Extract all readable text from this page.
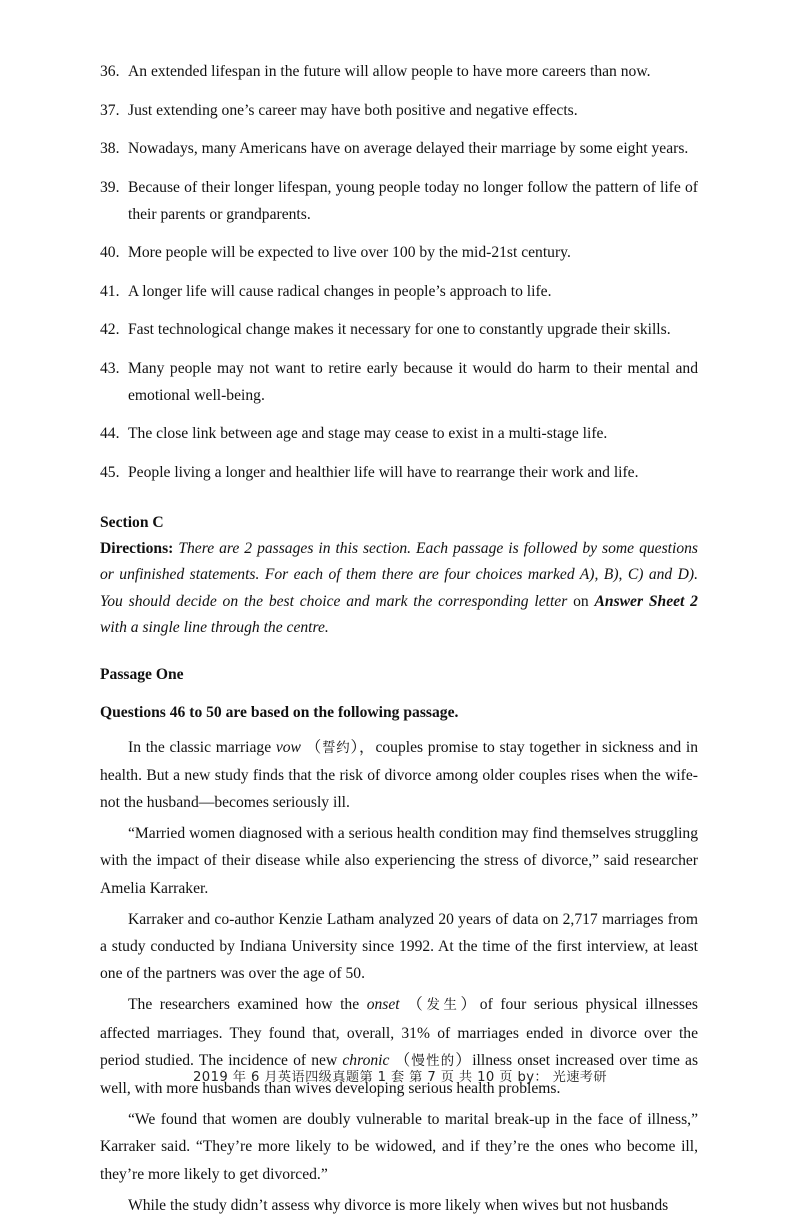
36. An extended lifespan in the future will allow people to have more careers than now.
37. Just extending one’s career may have both positive and negative effects.
38. Nowadays, many Americans have on average delayed their marriage by some eight years.
39. Because of their longer lifespan, young people today no longer follow the pattern of life of their parents or grandparents.
40. More people will be expected to live over 100 by the mid-21st century.
41. A longer life will cause radical changes in people’s approach to life.
42. Fast technological change makes it necessary for one to constantly upgrade their skills.
43. Many people may not want to retire early because it would do harm to their mental and emotional well-being.
44. The close link between age and stage may cease to exist in a multi-stage life.
45. People living a longer and healthier life will have to rearrange their work and life.
Section C
Directions: There are 2 passages in this section. Each passage is followed by some questions or unfinished statements. For each of them there are four choices marked A), B), C) and D). You should decide on the best choice and mark the corresponding letter on Answer Sheet 2 with a single line through the centre.
Passage One
Questions 46 to 50 are based on the following passage.

In the classic marriage vow （誓约），couples promise to stay together in sickness and in health. But a new study finds that the risk of divorce among older couples rises when the wife-not the husband—becomes seriously ill.

“Married women diagnosed with a serious health condition may find themselves struggling with the impact of their disease while also experiencing the stress of divorce,” said researcher Amelia Karraker.

Karraker and co-author Kenzie Latham analyzed 20 years of data on 2,717 marriages from a study conducted by Indiana University since 1992. At the time of the first interview, at least one of the partners was over the age of 50.

The researchers examined how the onset （发生）of four serious physical illnesses affected marriages. They found that, overall, 31% of marriages ended in divorce over the period studied. The incidence of new chronic （慢性的）illness onset increased over time as well, with more husbands than wives developing serious health problems.

“We found that women are doubly vulnerable to marital break-up in the face of illness,” Karraker said. “They’re more likely to be widowed, and if they’re the ones who become ill, they’re more likely to get divorced.”

While the study didn’t assess why divorce is more likely when wives but not husbands

2019 年 6 月英语四级真题第 1 套 第 7 页 共 10 页 by： 光速考研
